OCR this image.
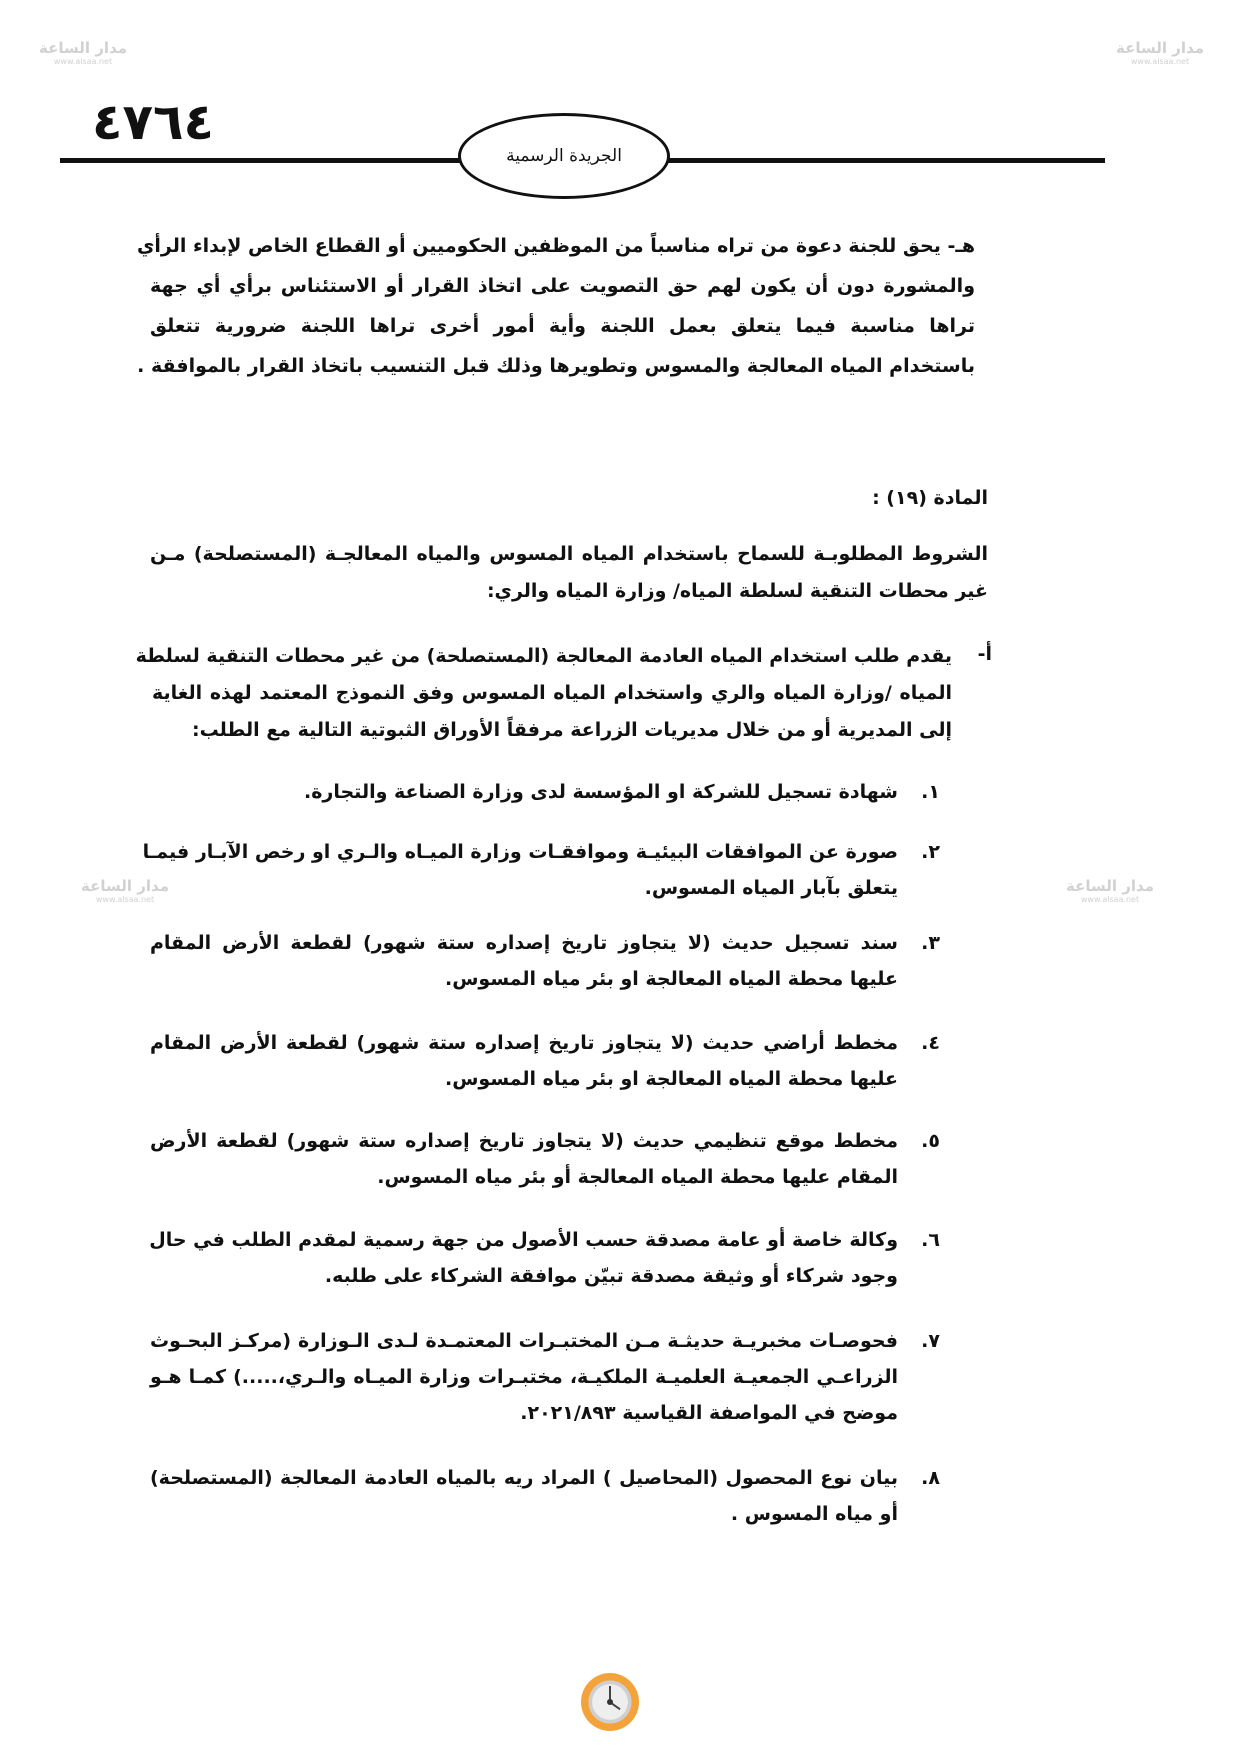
مدار الساعة
www.alsaa.net
مدار الساعة
www.alsaa.net
مدار الساعة
www.alsaa.net
مدار الساعة
www.alsaa.net
٤٧٦٤
الجريدة الرسمية
هـ- يحق للجنة دعوة من تراه مناسباً من الموظفين الحكوميين أو القطاع الخاص لإبداء الرأي
والمشورة دون أن يكون لهم حق التصويت على اتخاذ القرار أو الاستئناس برأي أي جهة
تراها مناسبة فيما يتعلق بعمل اللجنة وأية أمور أخرى تراها اللجنة ضرورية تتعلق
باستخدام المياه المعالجة والمسوس وتطويرها وذلك قبل التنسيب باتخاذ القرار بالموافقة .
المادة (١٩) :
الشروط المطلوبـة للسماح باستخدام المياه المسوس والمياه المعالجـة (المستصلحة) مـن
غير محطات التنقية لسلطة المياه/ وزارة المياه والري:
أ-
يقدم طلب استخدام المياه العادمة المعالجة (المستصلحة) من غير محطات التنقية لسلطة
المياه /وزارة المياه والري واستخدام المياه المسوس وفق النموذج المعتمد لهذه الغاية
إلى المديرية أو من خلال مديريات الزراعة مرفقاً الأوراق الثبوتية التالية مع الطلب:
١.
شهادة تسجيل للشركة او المؤسسة لدى وزارة الصناعة والتجارة.
٢.
صورة عن الموافقات البيئيـة وموافقـات وزارة الميـاه والـري او رخص الآبـار فيمـا
يتعلق بآبار المياه المسوس.
٣.
سند تسجيل حديث (لا يتجاوز تاريخ إصداره ستة شهور) لقطعة الأرض المقام
عليها محطة المياه المعالجة او بئر مياه المسوس.
٤.
مخطط أراضي حديث (لا يتجاوز تاريخ إصداره ستة شهور) لقطعة الأرض المقام
عليها محطة المياه المعالجة او بئر مياه المسوس.
٥.
مخطط موقع تنظيمي حديث (لا يتجاوز تاريخ إصداره ستة شهور) لقطعة الأرض
المقام عليها محطة المياه المعالجة أو بئر مياه المسوس.
٦.
وكالة خاصة أو عامة مصدقة حسب الأصول من جهة رسمية لمقدم الطلب في حال
وجود شركاء أو وثيقة مصدقة تبيّن موافقة الشركاء على طلبه.
٧.
فحوصـات مخبريـة حديثـة مـن المختبـرات المعتمـدة لـدى الـوزارة (مركـز البحـوث
الزراعـي الجمعيـة العلميـة الملكيـة، مختبـرات وزارة الميـاه والـري،.....) كمـا هـو
موضح في المواصفة القياسية ٢٠٢١/٨٩٣.
٨.
بيان نوع المحصول (المحاصيل ) المراد ريه بالمياه العادمة المعالجة (المستصلحة)
أو مياه المسوس .
